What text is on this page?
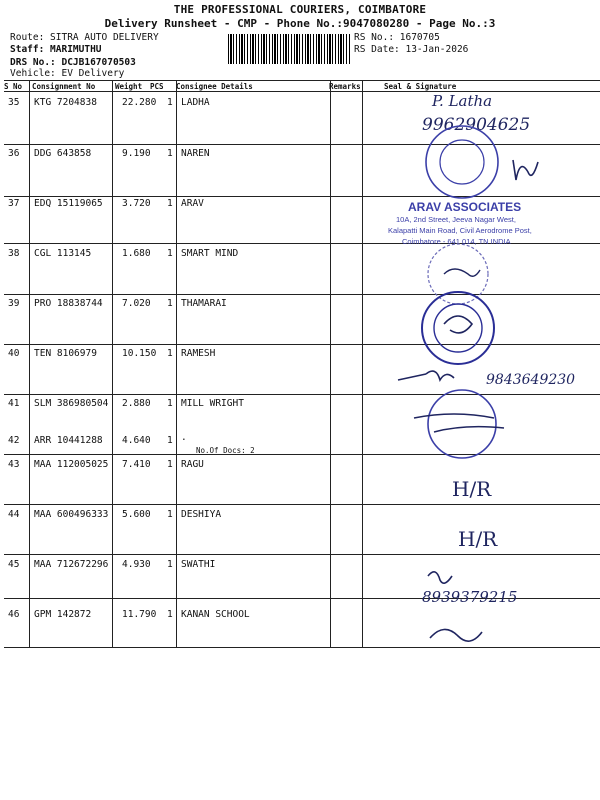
THE PROFESSIONAL COURIERS, COIMBATORE
Delivery Runsheet - CMP - Phone No.:9047080280 - Page No.:3
Route: SITRA AUTO DELIVERY
Staff: MARIMUTHU
DRS No.: DCJB167070503
Vehicle: EV Delivery
RS No.: 1670705
RS Date: 13-Jan-2026
S No Consignment No	Weight PCS Consignee Details	Remarks	Seal & Signature
35 KTG 7204838	22.280 1 LADHA
36 DDG 643858	9.190 1 NAREN
37 EDQ 15119065 3.720 1 ARAV
38 CGL 113145	1.680 1 SMART MIND
39 PRO 18838744 7.020 1 THAMARAI
40 TEN 8106979	10.150 1 RAMESH
41 SLM 386980504 2.880 1 MILL WRIGHT
42 ARR 10441288 4.640 1 .
No.Of Docs: 2
43 MAA 112005025 7.410 1 RAGU
44 MAA 600496333 5.600 1 DESHIYA
45 MAA 712672296 4.930 1 SWATHI
46 GPM 142872	11.790 1 KANAN SCHOOL
P. Latha
9962904625
ARAV ASSOCIATES
10A, 2nd Street, Jeeva Nagar West,
Kalapatti Main Road, Civil Aerodrome Post,
Coimbatore - 641 014, TN INDIA
9843649230
H/R
H/R
8939379215
